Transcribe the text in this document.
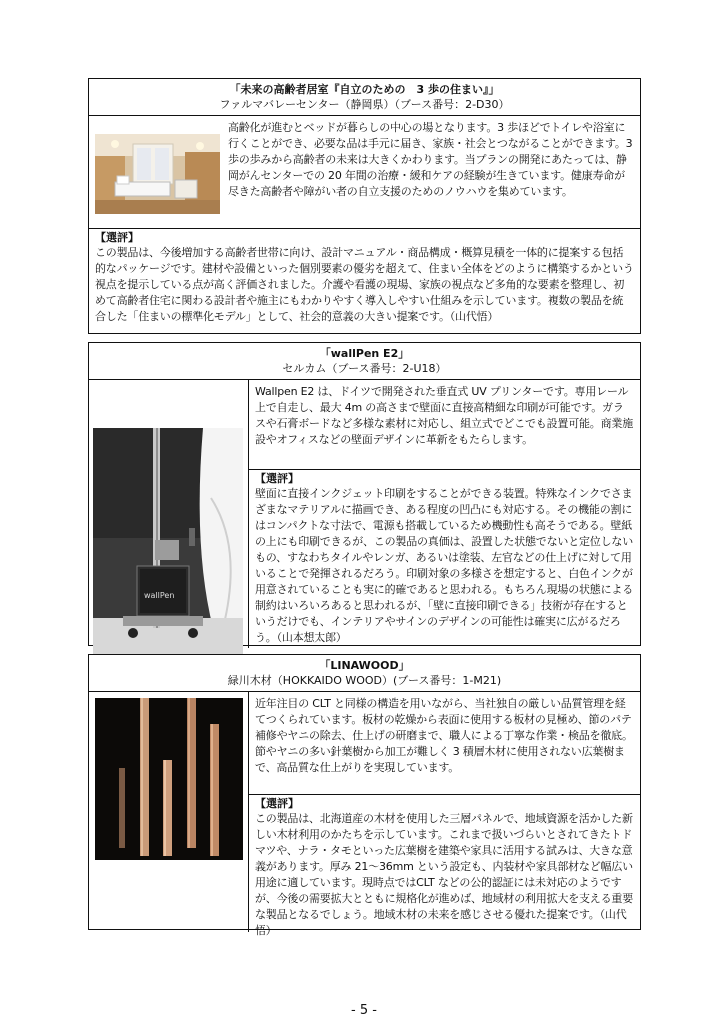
「未来の高齢者居室『自立のための　3 歩の住まい』」
ファルマバレーセンター（静岡県）（ブース番号：2-D30）
高齢化が進むとベッドが暮らしの中心の場となります。3 歩ほどでトイレや浴室に行くことができ、必要な品は手元に届き、家族・社会とつながることができます。3 歩の歩みから高齢者の未来は大きくかわります。当プランの開発にあたっては、静岡がんセンターでの 20 年間の治療・緩和ケアの経験が生きています。健康寿命が尽きた高齢者や障がい者の自立支援のためのノウハウを集めています。
【選評】
この製品は、今後増加する高齢者世帯に向け、設計マニュアル・商品構成・概算見積を一体的に提案する包括的なパッケージです。建材や設備といった個別要素の優劣を超えて、住まい全体をどのように構築するかという視点を提示している点が高く評価されました。介護や看護の現場、家族の視点など多角的な要素を整理し、初めて高齢者住宅に関わる設計者や施主にもわかりやすく導入しやすい仕組みを示しています。複数の製品を統合した「住まいの標準化モデル」として、社会的意義の大きい提案です。（山代悟）
「wallPen E2」
セルカム（ブース番号：2-U18）
wallPen
Wallpen E2 は、ドイツで開発された垂直式 UV プリンターです。専用レール上で自走し、最大 4m の高さまで壁面に直接高精細な印刷が可能です。ガラスや石膏ボードなど多様な素材に対応し、組立式でどこでも設置可能。商業施設やオフィスなどの壁面デザインに革新をもたらします。
【選評】
壁面に直接インクジェット印刷をすることができる装置。特殊なインクでさまざまなマテリアルに描画でき、ある程度の凹凸にも対応する。その機能の割にはコンパクトな寸法で、電源も搭載しているため機動性も高そうである。壁紙の上にも印刷できるが、この製品の真価は、設置した状態でないと定位しないもの、すなわちタイルやレンガ、あるいは塗装、左官などの仕上げに対して用いることで発揮されるだろう。印刷対象の多様さを想定すると、白色インクが用意されていることも実に的確であると思われる。もちろん現場の状態による制約はいろいろあると思われるが、「壁に直接印刷できる」技術が存在するというだけでも、インテリアやサインのデザインの可能性は確実に広がるだろう。（山本想太郎）
「LINAWOOD」
緑川木材（HOKKAIDO WOOD）(ブース番号：1-M21)
近年注目の CLT と同様の構造を用いながら、当社独自の厳しい品質管理を経てつくられています。板材の乾燥から表面に使用する板材の見極め、節のパテ補修やヤニの除去、仕上げの研磨まで、職人による丁寧な作業・検品を徹底。節やヤニの多い針葉樹から加工が難しく 3 積層木材に使用されない広葉樹まで、高品質な仕上がりを実現しています。
【選評】
この製品は、北海道産の木材を使用した三層パネルで、地域資源を活かした新しい木材利用のかたちを示しています。これまで扱いづらいとされてきたトドマツや、ナラ・タモといった広葉樹を建築や家具に活用する試みは、大きな意義があります。厚み 21～36mm という設定も、内装材や家具部材など幅広い用途に適しています。現時点ではCLT などの公的認証には未対応のようですが、今後の需要拡大とともに規格化が進めば、地域材の利用拡大を支える重要な製品となるでしょう。地域木材の未来を感じさせる優れた提案です。（山代悟）
- 5 -
